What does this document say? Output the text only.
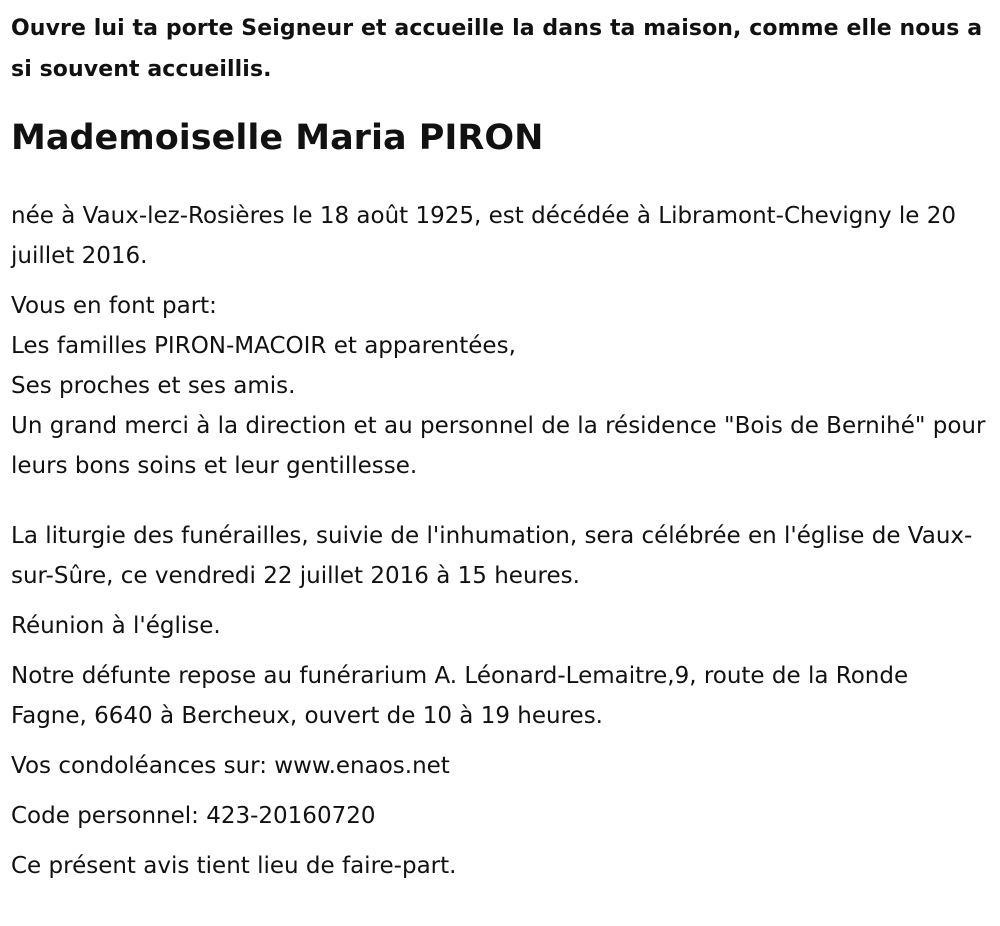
Ouvre lui ta porte Seigneur et accueille la dans ta maison, comme elle nous a si souvent accueillis.

Mademoiselle Maria PIRON

née à Vaux-lez-Rosières le 18 août 1925, est décédée à Libramont-Chevigny le 20 juillet 2016.

Vous en font part:
Les familles PIRON-MACOIR et apparentées,
Ses proches et ses amis.
Un grand merci à la direction et au personnel de la résidence "Bois de Bernihé" pour leurs bons soins et leur gentillesse.

La liturgie des funérailles, suivie de l'inhumation, sera célébrée en l'église de Vaux-sur-Sûre, ce vendredi 22 juillet 2016 à 15 heures.

Réunion à l'église.

Notre défunte repose au funérarium A. Léonard-Lemaitre,9, route de la Ronde Fagne, 6640 à Bercheux, ouvert de 10 à 19 heures.

Vos condoléances sur: www.enaos.net

Code personnel: 423-20160720

Ce présent avis tient lieu de faire-part.
